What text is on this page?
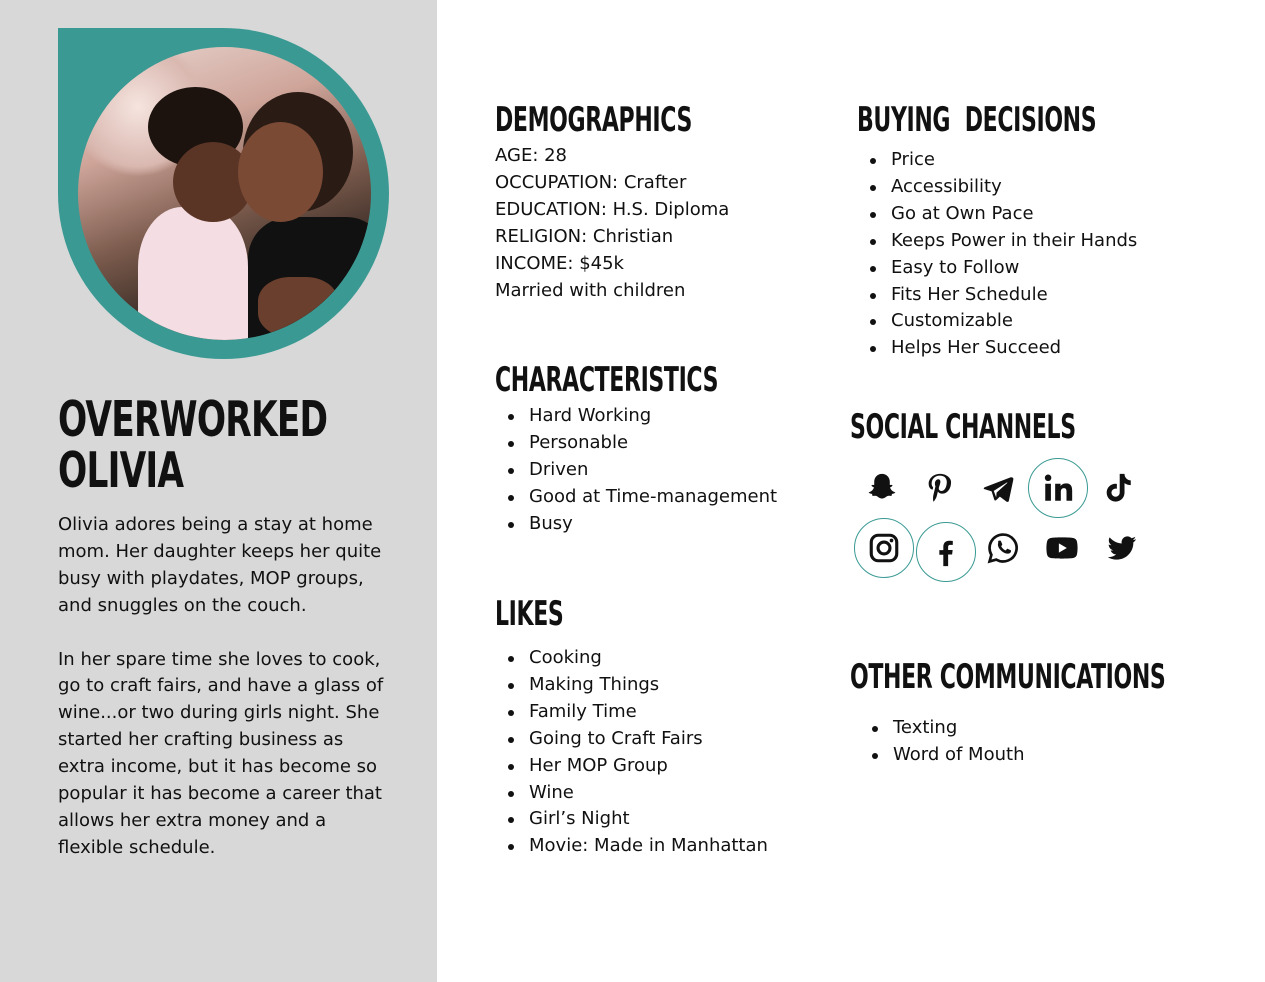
OVERWORKED
OLIVIA

Olivia adores being a stay at home mom. Her daughter keeps her quite busy with playdates, MOP groups, and snuggles on the couch.

In her spare time she loves to cook, go to craft fairs, and have a glass of wine...or two during girls night. She started her crafting business as extra income, but it has become so popular it has become a career that allows her extra money and a flexible schedule.

DEMOGRAPHICS
AGE: 28
OCCUPATION: Crafter
EDUCATION: H.S. Diploma
RELIGION: Christian
INCOME: $45k
Married with children
CHARACTERISTICS
Hard Working
Personable
Driven
Good at Time-management
Busy
LIKES
Cooking
Making Things
Family Time
Going to Craft Fairs
Her MOP Group
Wine
Girl’s Night
Movie: Made in Manhattan
BUYING  DECISIONS
Price
Accessibility
Go at Own Pace
Keeps Power in their Hands
Easy to Follow
Fits Her Schedule
Customizable
Helps Her Succeed
SOCIAL CHANNELS
OTHER COMMUNICATIONS
Texting
Word of Mouth
